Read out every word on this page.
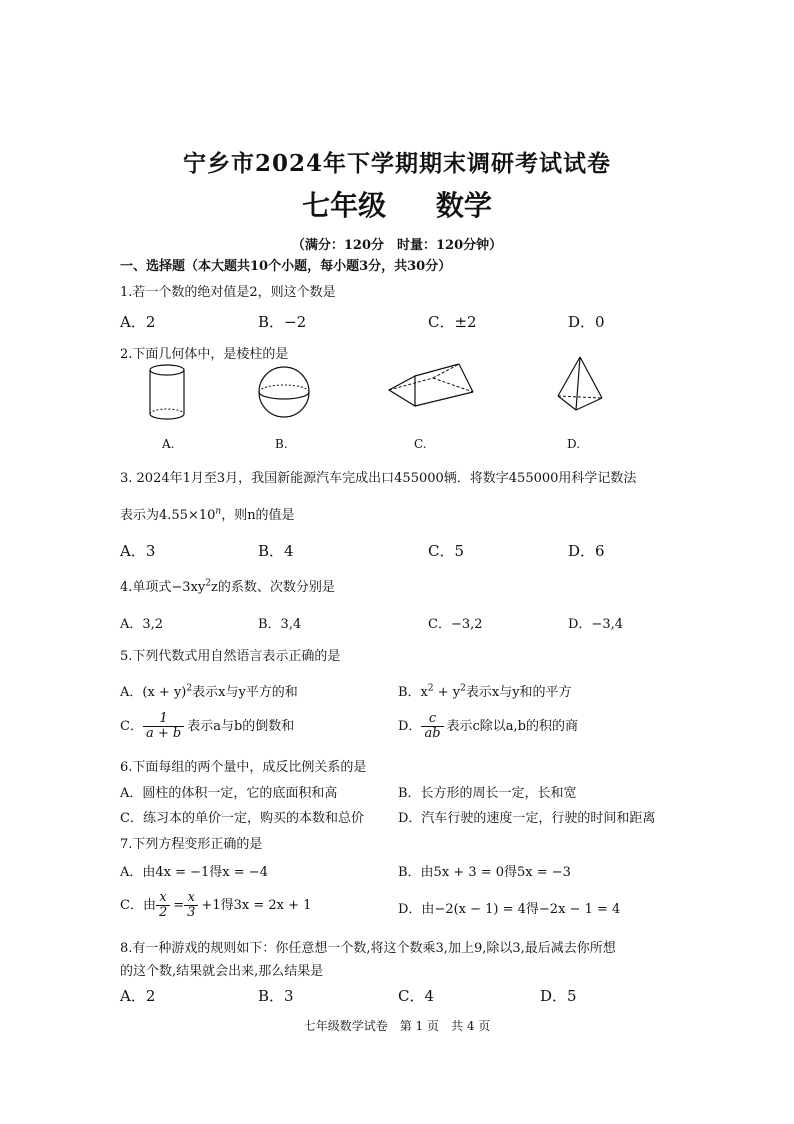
宁乡市2024年下学期期末调研考试试卷
七年级 数学
（满分：120分　时量：120分钟）
一、选择题（本大题共10个小题，每小题3分，共30分）
1.若一个数的绝对值是2，则这个数是
A．2	B．−2	C．±2	D．0
2.下面几何体中，是棱柱的是
A.	B.	C.	D.
3. 2024年1月至3月，我国新能源汽车完成出口455000辆．将数字455000用科学记数法
表示为$4.55\times 10^n$，则n的值是
A．3	B．4	C．5	D．6
4.单项式$-3xy^2z$的系数、次数分别是
A．3,2	B．3,4	C．−3,2	D．−3,4
5.下列代数式用自然语言表示正确的是
A．$(x + y)^2$表示x与y平方的和	B．$x^2 + y^2$表示x与y和的平方
C． $\frac{1}{a + b}$ 表示a与b的倒数和	D． $\frac{c}{ab}$ 表示c除以a,b的积的商
6.下面每组的两个量中，成反比例关系的是
A．圆柱的体积一定，它的底面积和高	B．长方形的周长一定，长和宽
C．练习本的单价一定，购买的本数和总价	D．汽车行驶的速度一定，行驶的时间和距离
7.下列方程变形正确的是
A．由4x = −1得x = −4	B．由5x + 3 = 0得5x = −3
C．由 $\frac{x}{2} = \frac{x}{3} +1$得3x = 2x + 1	D．由−2(x − 1) = 4得−2x − 1 = 4
8.有一种游戏的规则如下：你任意想一个数,将这个数乘3,加上9,除以3,最后减去你所想
的这个数,结果就会出来,那么结果是
A．2	B．3	C．4	D．5
七年级数学试卷　第 1 页　共 4 页
